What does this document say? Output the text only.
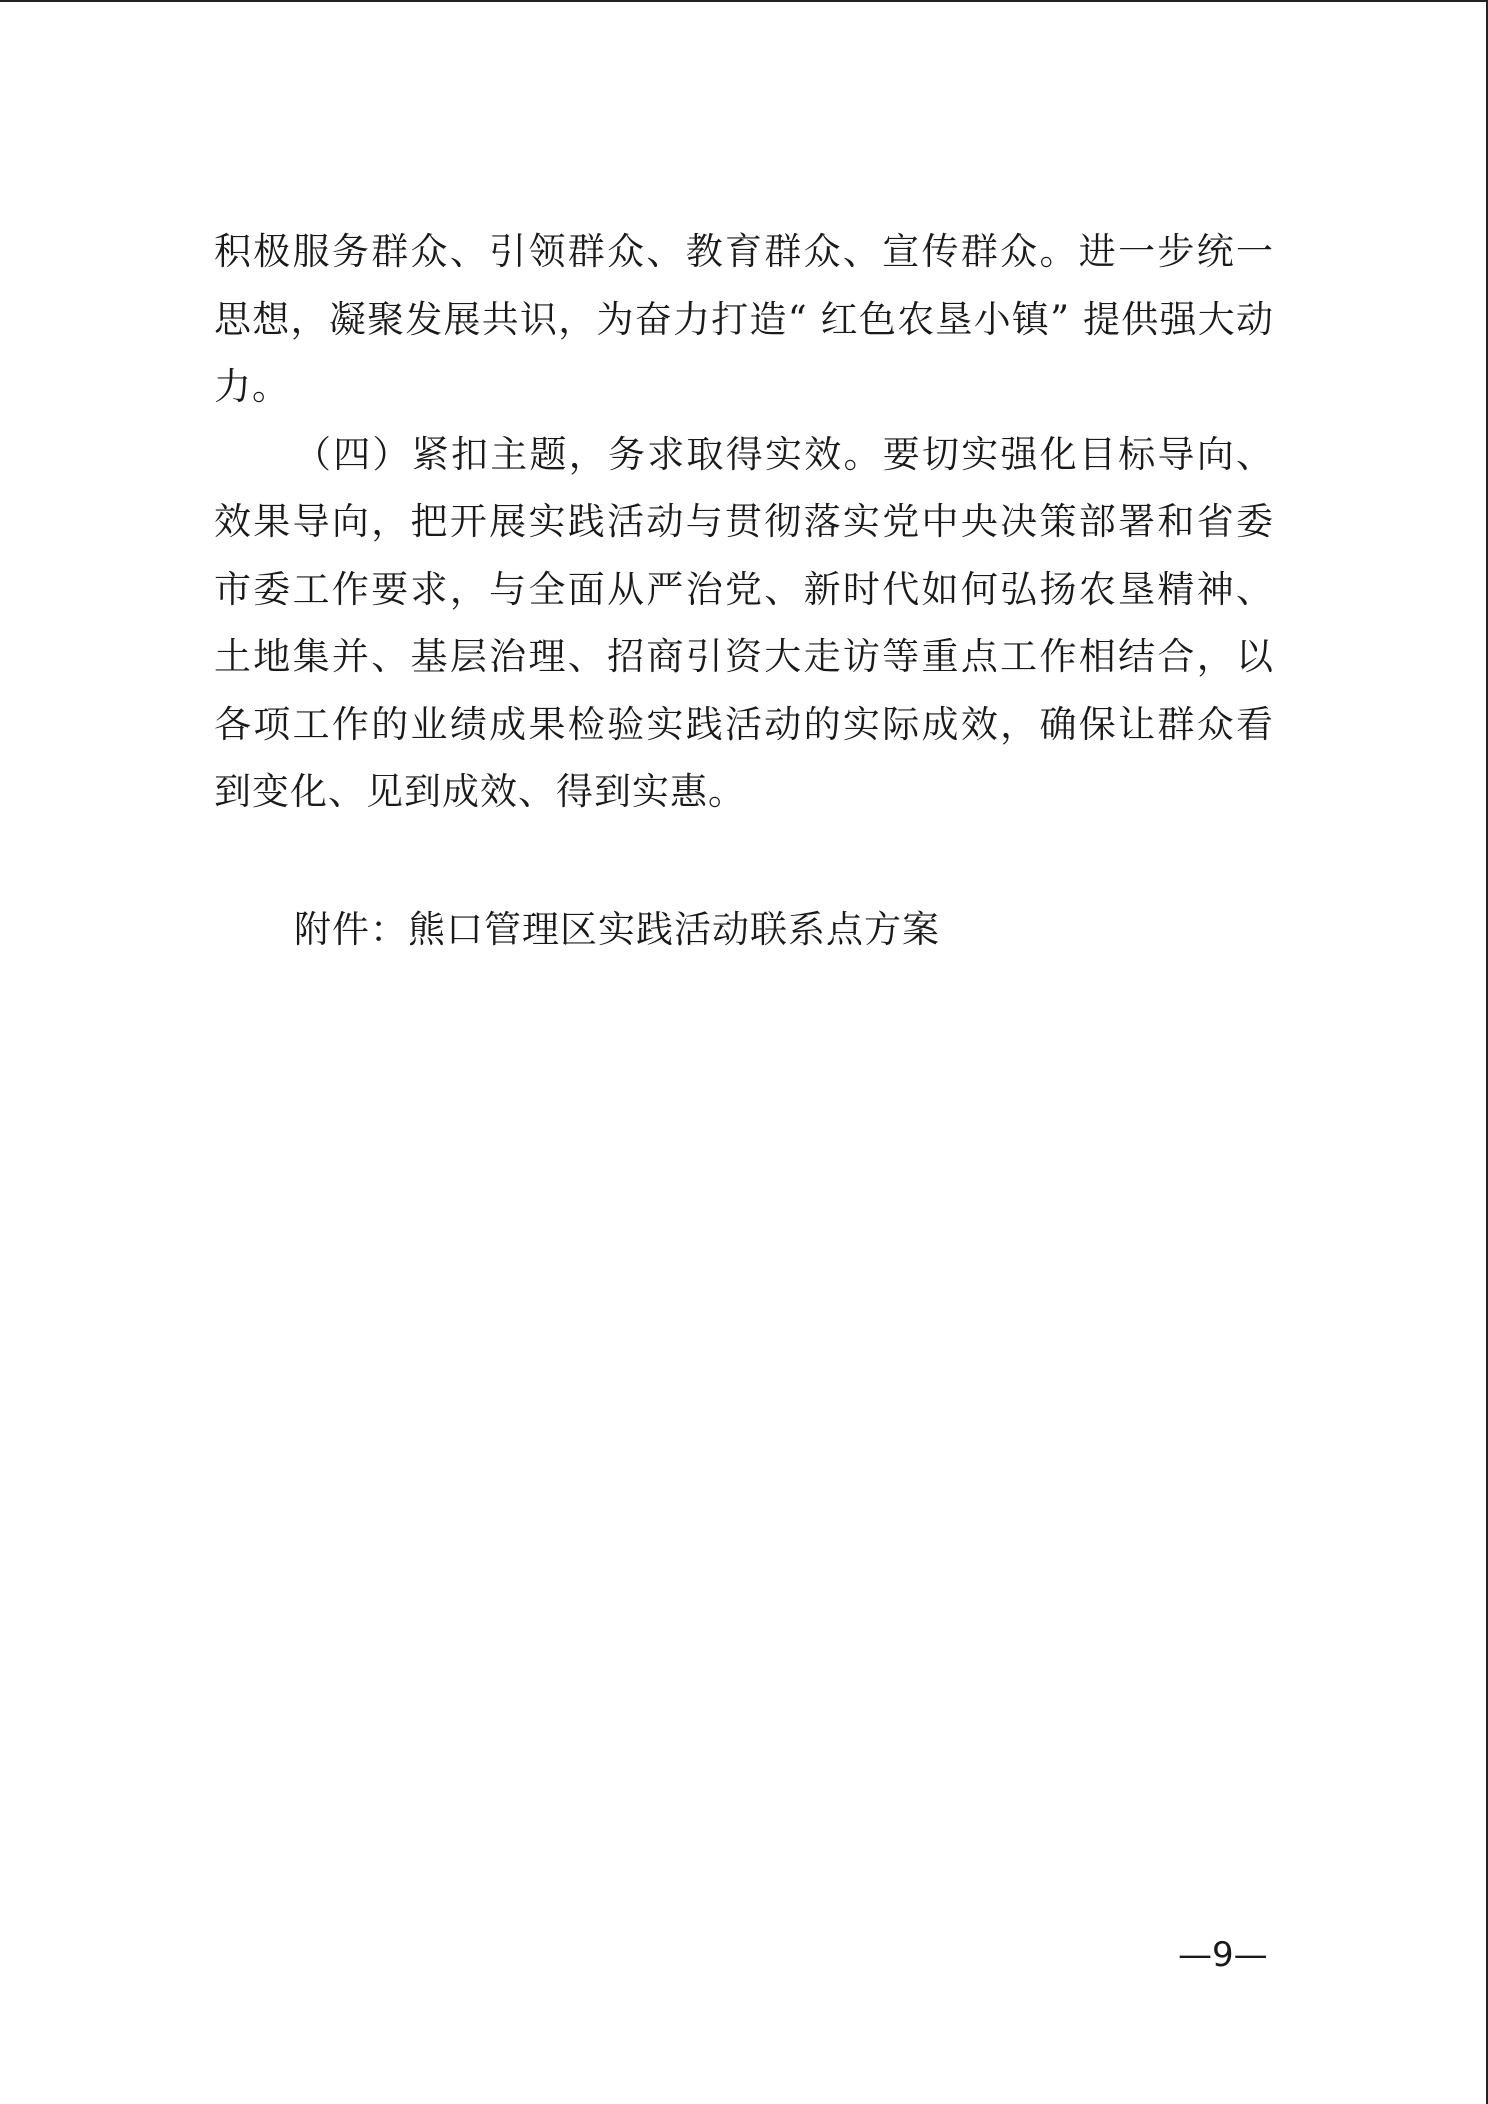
积极服务群众、引领群众、教育群众、宣传群众。进一步统一思想，凝聚发展共识，为奋力打造“ 红色农垦小镇” 提供强大动力。

（四）紧扣主题，务求取得实效。要切实强化目标导向、效果导向，把开展实践活动与贯彻落实党中央决策部署和省委市委工作要求，与全面从严治党、新时代如何弘扬农垦精神、土地集并、基层治理、招商引资大走访等重点工作相结合，以各项工作的业绩成果检验实践活动的实际成效，确保让群众看到变化、见到成效、得到实惠。

附件：熊口管理区实践活动联系点方案

—9—
